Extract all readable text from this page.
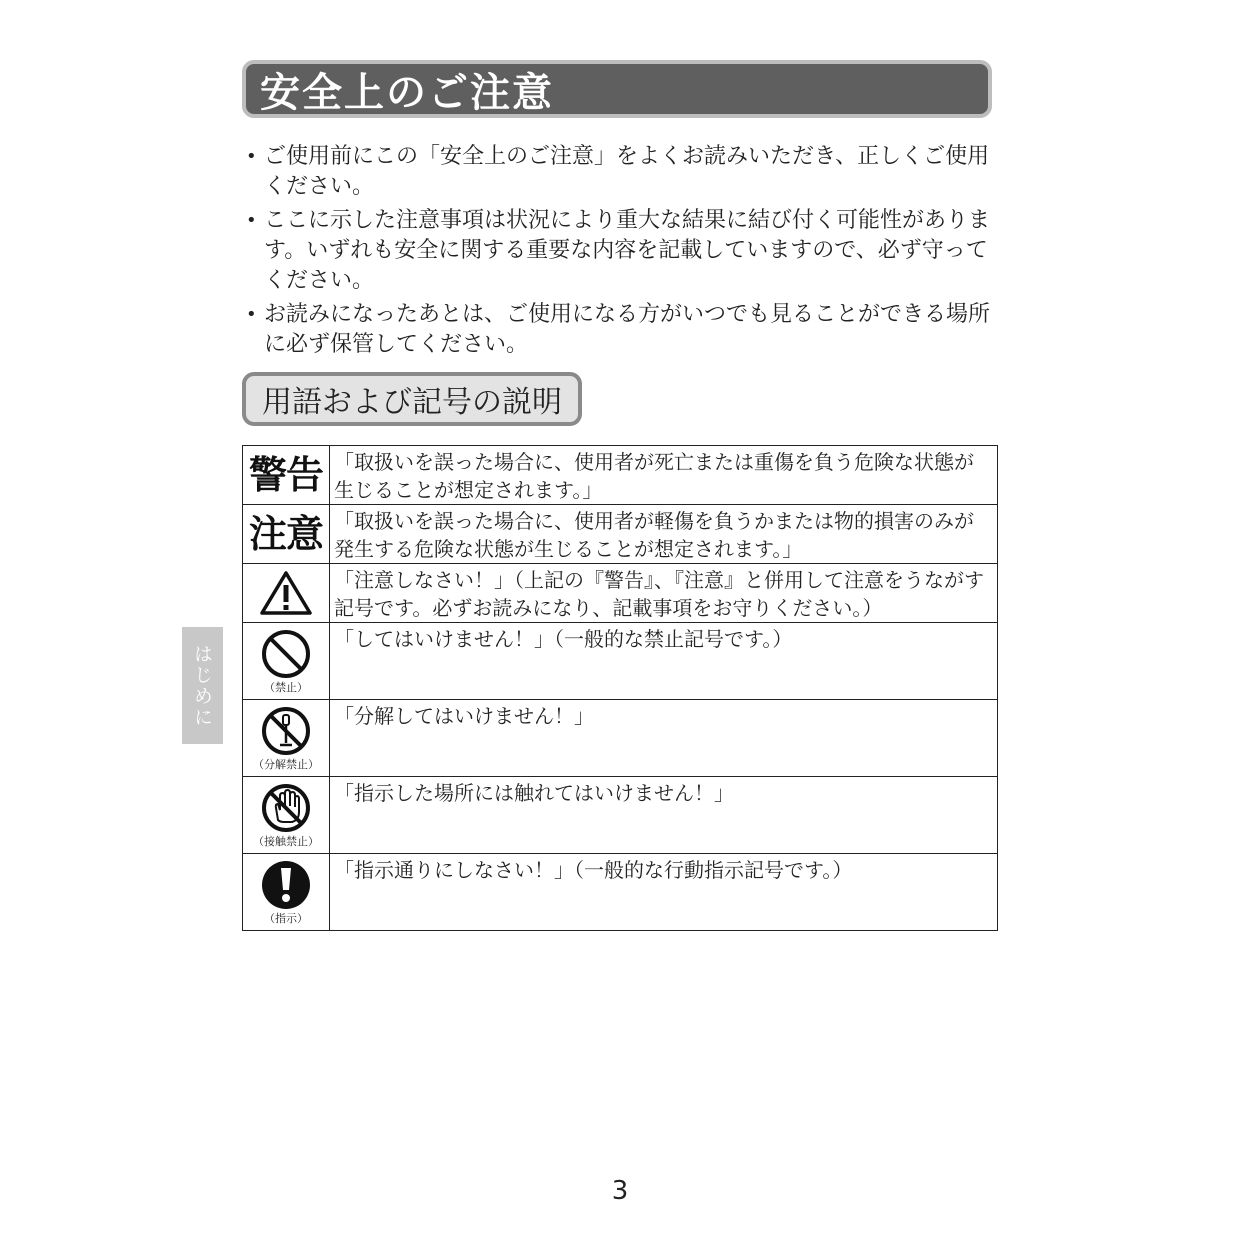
安全上のご注意
• ご使用前にこの「安全上のご注意」をよくお読みいただき、正しくご使用ください。
• ここに示した注意事項は状況により重大な結果に結び付く可能性があります。いずれも安全に関する重要な内容を記載していますので、必ず守ってください。
• お読みになったあとは、ご使用になる方がいつでも見ることができる場所に必ず保管してください。
用語および記号の説明
警告	「取扱いを誤った場合に、使用者が死亡または重傷を負う危険な状態が生じることが想定されます。」
注意	「取扱いを誤った場合に、使用者が軽傷を負うかまたは物的損害のみが発生する危険な状態が生じることが想定されます。」

	「注意しなさい！」（上記の『警告』、『注意』と併用して注意をうながす記号です。必ずお読みになり、記載事項をお守りください。）

（禁止）	「してはいけません！」（一般的な禁止記号です。）

（分解禁止）	「分解してはいけません！」

（接触禁止）	「指示した場所には触れてはいけません！」

（指示）	「指示通りにしなさい！」（一般的な行動指示記号です。）
はじめに
3
